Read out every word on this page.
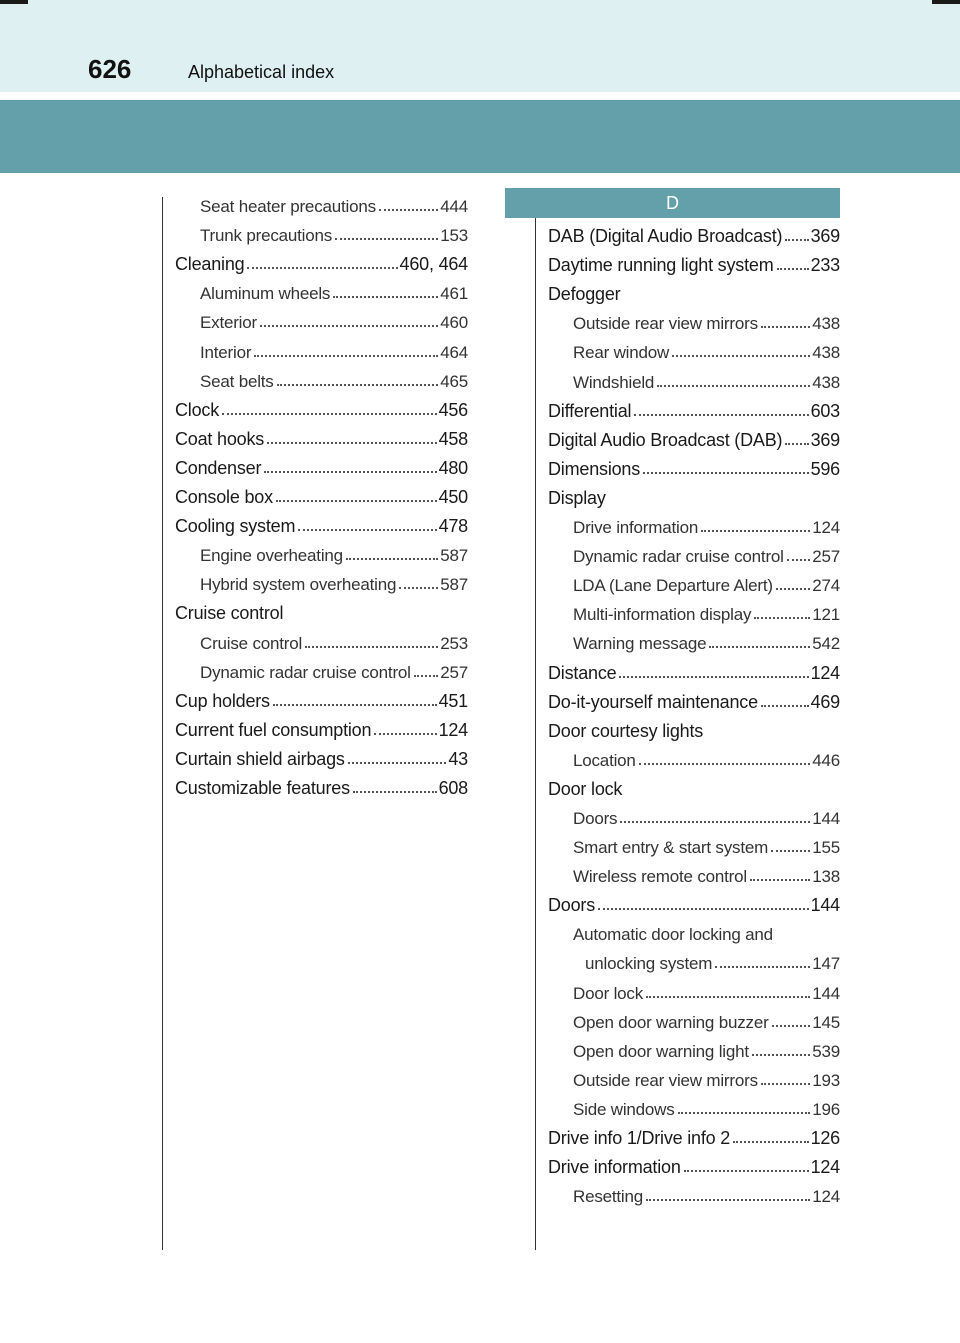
626	Alphabetical index
Seat heater precautions	444
Trunk precautions	153
Cleaning	460, 464
Aluminum wheels	461
Exterior	460
Interior	464
Seat belts	465
Clock	456
Coat hooks	458
Condenser	480
Console box	450
Cooling system	478
Engine overheating	587
Hybrid system overheating	587
Cruise control
Cruise control	253
Dynamic radar cruise control 257
Cup holders	451
Current fuel consumption	124
Curtain shield airbags	43
Customizable features	608
D
DAB (Digital Audio Broadcast) 369
Daytime running light system 233
Defogger
Outside rear view mirrors	438
Rear window	438
Windshield	438
Differential	603
Digital Audio Broadcast (DAB) 369
Dimensions	596
Display
Drive information	124
Dynamic radar cruise control 257
LDA (Lane Departure Alert) 274
Multi-information display	121
Warning message	542
Distance	124
Do-it-yourself maintenance	469
Door courtesy lights
Location	446
Door lock
Doors	144
Smart entry & start system	155
Wireless remote control	138
Doors	144
Automatic door locking and
unlocking system	147
Door lock	144
Open door warning buzzer	145
Open door warning light	539
Outside rear view mirrors	193
Side windows	196
Drive info 1/Drive info 2	126
Drive information	124
Resetting	124
